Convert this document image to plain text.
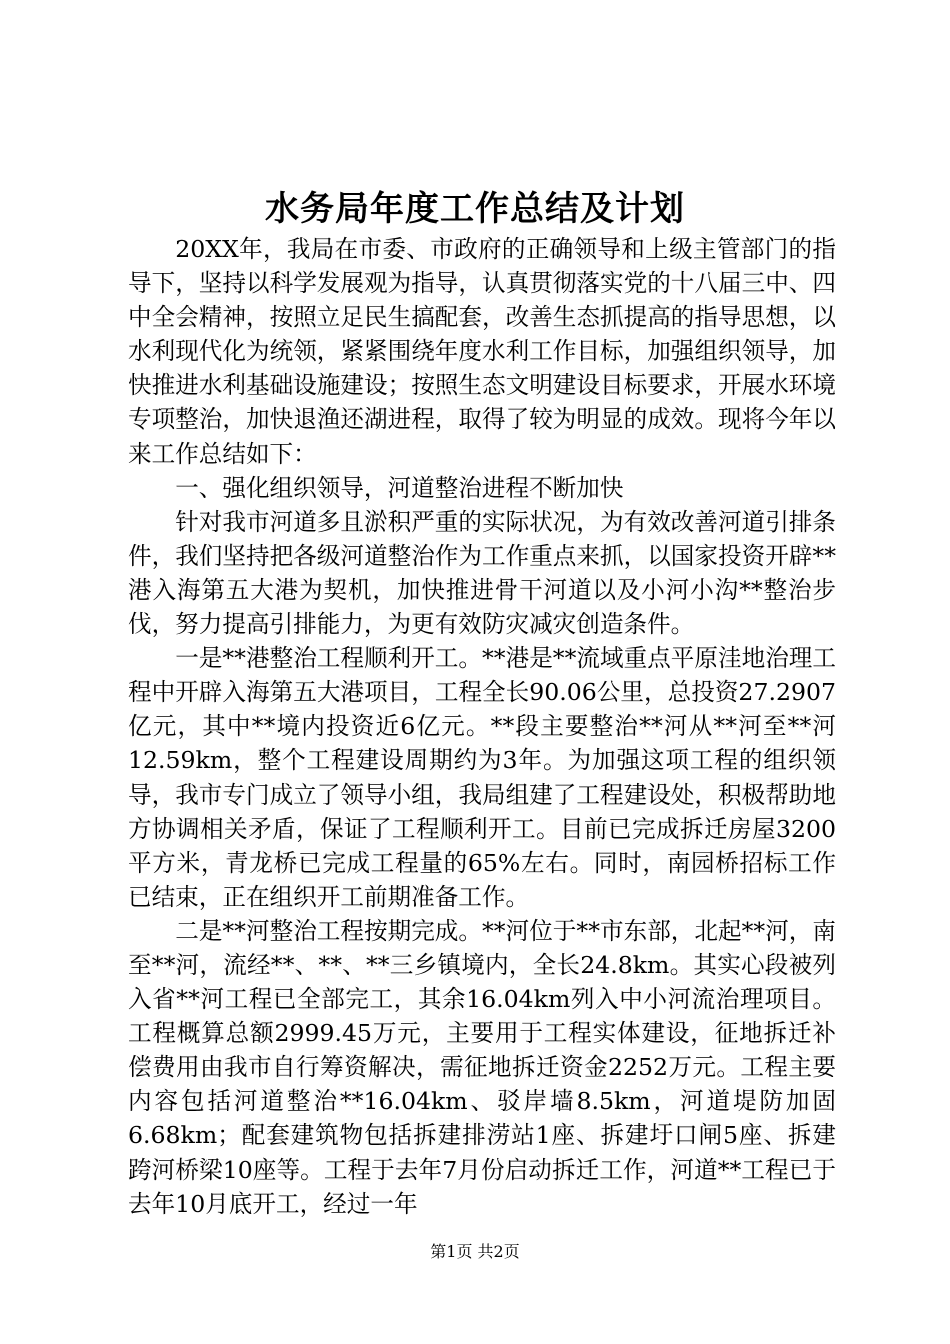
水务局年度工作总结及计划

20XX年，我局在市委、市政府的正确领导和上级主管部门的指导下，坚持以科学发展观为指导，认真贯彻落实党的十八届三中、四中全会精神，按照立足民生搞配套，改善生态抓提高的指导思想，以水利现代化为统领，紧紧围绕年度水利工作目标，加强组织领导，加快推进水利基础设施建设；按照生态文明建设目标要求，开展水环境专项整治，加快退渔还湖进程，取得了较为明显的成效。现将今年以来工作总结如下：

一、强化组织领导，河道整治进程不断加快

针对我市河道多且淤积严重的实际状况，为有效改善河道引排条件，我们坚持把各级河道整治作为工作重点来抓，以国家投资开辟**港入海第五大港为契机，加快推进骨干河道以及小河小沟**整治步伐，努力提高引排能力，为更有效防灾减灾创造条件。

一是**港整治工程顺利开工。**港是**流域重点平原洼地治理工程中开辟入海第五大港项目，工程全长90.06公里，总投资27.2907亿元，其中**境内投资近6亿元。**段主要整治**河从**河至**河12.59km，整个工程建设周期约为3年。为加强这项工程的组织领导，我市专门成立了领导小组，我局组建了工程建设处，积极帮助地方协调相关矛盾，保证了工程顺利开工。目前已完成拆迁房屋3200平方米，青龙桥已完成工程量的65%左右。同时，南园桥招标工作已结束，正在组织开工前期准备工作。

二是**河整治工程按期完成。**河位于**市东部，北起**河，南至**河，流经**、**、**三乡镇境内，全长24.8km。其实心段被列入省**河工程已全部完工，其余16.04km列入中小河流治理项目。工程概算总额2999.45万元，主要用于工程实体建设，征地拆迁补偿费用由我市自行筹资解决，需征地拆迁资金2252万元。工程主要内容包括河道整治**16.04km、驳岸墙8.5km，河道堤防加固6.68km；配套建筑物包括拆建排涝站1座、拆建圩口闸5座、拆建跨河桥梁10座等。工程于去年7月份启动拆迁工作，河道**工程已于去年10月底开工，经过一年

第1页 共2页
